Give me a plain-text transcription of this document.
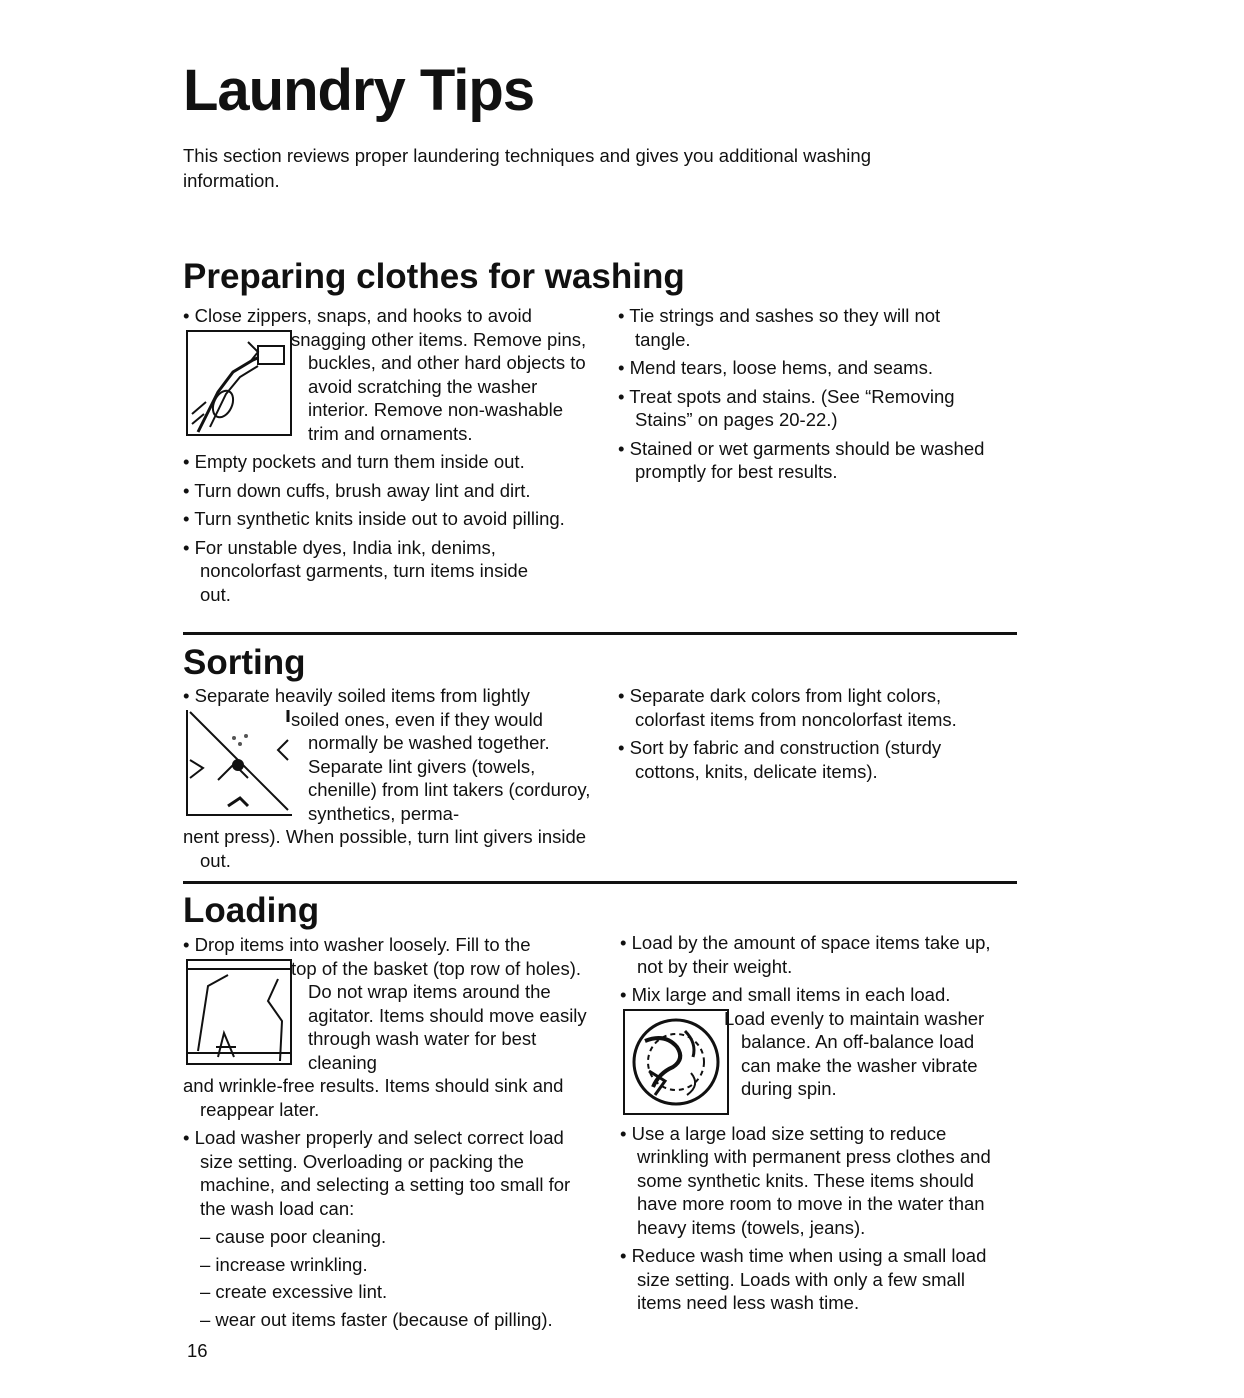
Laundry Tips

This section reviews proper laundering techniques and gives you additional washing information.

Preparing clothes for washing

• Close zippers, snaps, and hooks to avoid

snagging other items. Remove pins, buckles, and other hard objects to avoid scratching the washer interior. Remove non-washable trim and ornaments.

• Empty pockets and turn them inside out.

• Turn down cuffs, brush away lint and dirt.

• Turn synthetic knits inside out to avoid pilling.

• For unstable dyes, India ink, denims, noncolorfast garments, turn items inside out.

• Tie strings and sashes so they will not tangle.

• Mend tears, loose hems, and seams.

• Treat spots and stains. (See “Removing Stains” on pages 20-22.)

• Stained or wet garments should be washed promptly for best results.

Sorting

• Separate heavily soiled items from lightly

soiled ones, even if they would normally be washed together. Separate lint givers (towels, chenille) from lint takers (corduroy, synthetics, perma-

nent press). When possible, turn lint givers inside out.

• Separate dark colors from light colors, colorfast items from noncolorfast items.

• Sort by fabric and construction (sturdy cottons, knits, delicate items).

Loading

• Drop items into washer loosely. Fill to the

top of the basket (top row of holes). Do not wrap items around the agitator. Items should move easily through wash water for best cleaning

and wrinkle-free results. Items should sink and reappear later.

• Load washer properly and select correct load size setting. Overloading or packing the machine, and selecting a setting too small for the wash load can:

– cause poor cleaning.

– increase wrinkling.

– create excessive lint.

– wear out items faster (because of pilling).

• Load by the amount of space items take up, not by their weight.

• Mix large and small items in each load.

Load evenly to maintain washer balance. An off-balance load can make the washer vibrate during spin.

• Use a large load size setting to reduce wrinkling with permanent press clothes and some synthetic knits. These items should have more room to move in the water than heavy items (towels, jeans).

• Reduce wash time when using a small load size setting. Loads with only a few small items need less wash time.

16
